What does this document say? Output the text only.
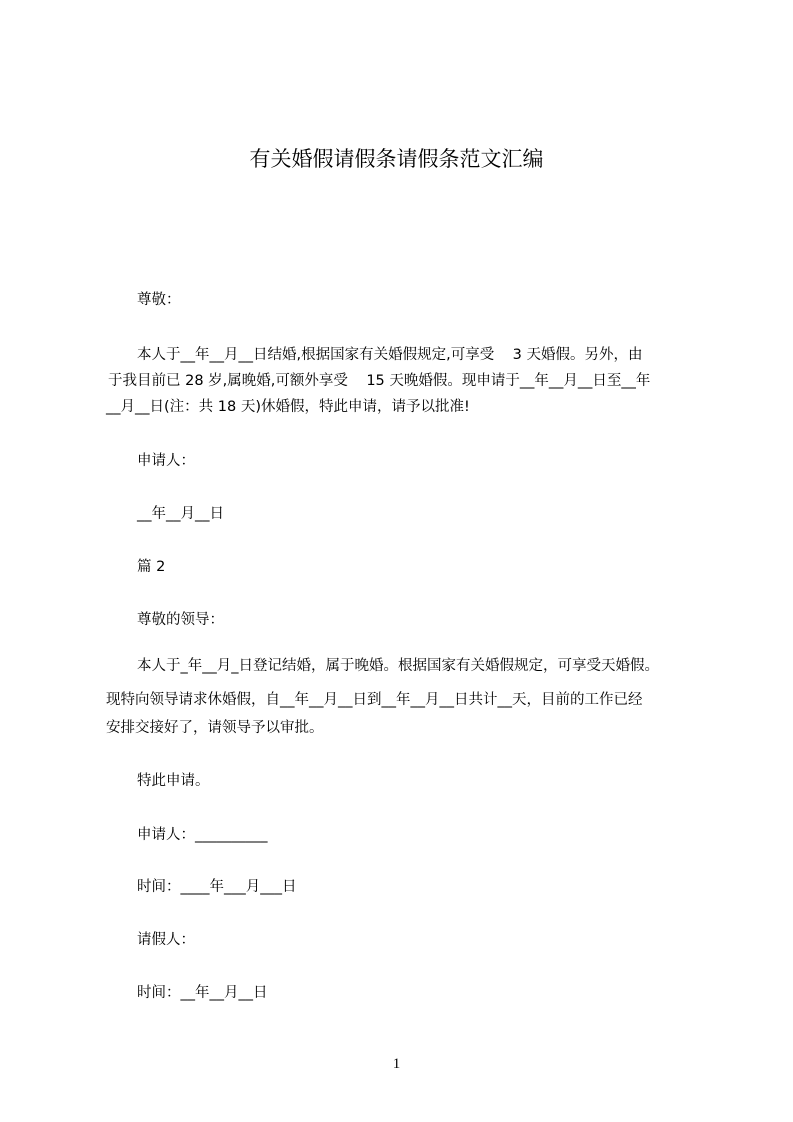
有关婚假请假条请假条范文汇编
尊敬：
本人于__年__月__日结婚,根据国家有关婚假规定,可享受    3 天婚假。另外，由
于我目前已 28 岁,属晚婚,可额外享受    15 天晚婚假。现申请于__年__月__日至__年
__月__日(注：共 18 天)休婚假，特此申请，请予以批准!
申请人：
__年__月__日
篇 2
尊敬的领导：
本人于_年__月_日登记结婚，属于晚婚。根据国家有关婚假规定，可享受天婚假。
现特向领导请求休婚假，自__年__月__日到__年__月__日共计__天，目前的工作已经
安排交接好了，请领导予以审批。
特此申请。
申请人：__________
时间：____年___月___日
请假人：
时间：__年__月__日
1
